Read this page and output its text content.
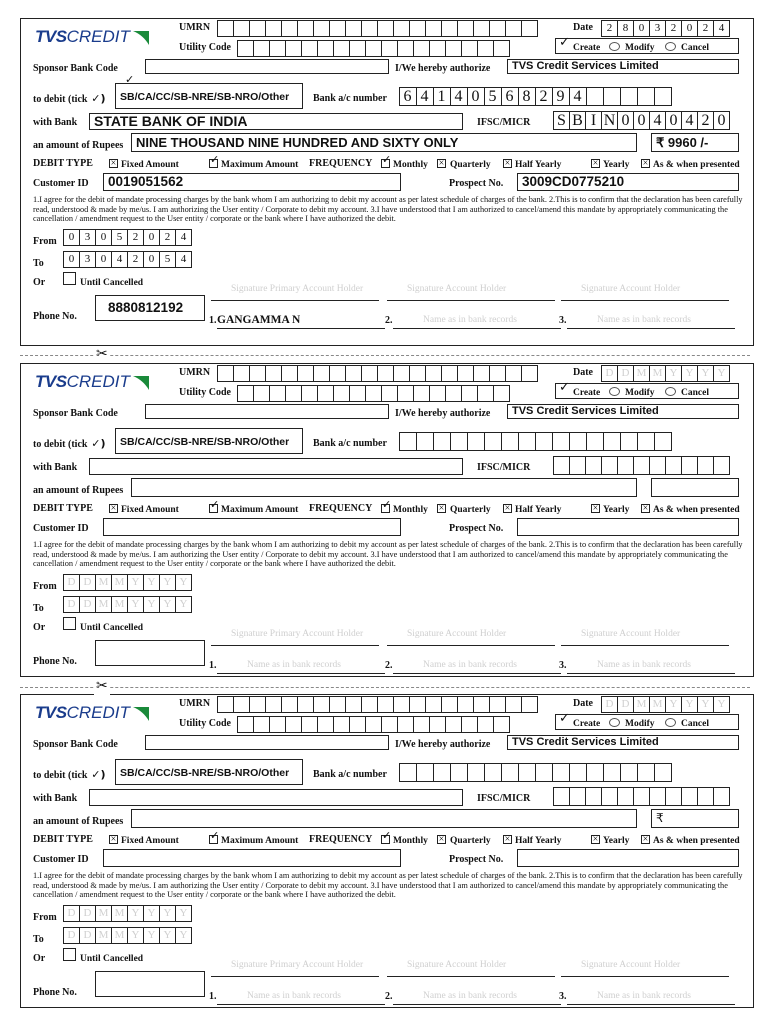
TVS CREDIT	UMRN	Date	2 8 0 3 2 0 2 4
Utility Code	✓ Create	Modify	Cancel
Sponsor Bank Code	I/We hereby authorize TVS Credit Services Limited
to debit (tick ✓) SB/CA/CC/SB-NRE/SB-NRO/Other
✓
Bank a/c number 6 4 1 4 0 5 6 8 2 9 4
with Bank STATE BANK OF INDIA	IFSC/MICR S B I N 0 0 4 0 4 2 0
an amount of Rupees NINE THOUSAND NINE HUNDRED AND SIXTY ONLY	₹ 9960 /-
DEBIT TYPE × Fixed Amount	✓ Maximum Amount FREQUENCY ✓ Monthly × Quarterly × Half Yearly	× Yearly × As & when presented
Customer ID 0019051562	Prospect No. 3009CD0775210
1.I agree for the debit of mandate processing charges by the bank whom I am authorizing to debit my account as per latest schedule of charges of the bank. 2.This is to confirm that the declaration has been carefully read, understood & made by me/us. I am authorizing the User entity / Corporate to debit my account. 3.I have understood that I am authorized to cancel/amend this mandate by appropriately communicating the cancellation / amendment request to the User entity / corporate or the bank where I have authorized the debit.
From	0 3 0 5 2 0 2 4
To	0 3 0 4 2 0 5 4
Or	Until Cancelled
Phone No.
8880812192
Signature Primary Account Holder
1. GANGAMMA N
Signature Account Holder
2.	Name as in bank records
Signature Account Holder
3.	Name as in bank records
TVS CREDIT	UMRN	Date	D D M M Y Y Y Y
Utility Code	✓ Create	Modify	Cancel
Sponsor Bank Code	I/We hereby authorize TVS Credit Services Limited
to debit (tick ✓) SB/CA/CC/SB-NRE/SB-NRO/Other Bank a/c number
with Bank	IFSC/MICR
an amount of Rupees
DEBIT TYPE × Fixed Amount	✓ Maximum Amount FREQUENCY ✓ Monthly × Quarterly × Half Yearly	× Yearly × As & when presented
Customer ID	Prospect No.
1.I agree for the debit of mandate processing charges by the bank whom I am authorizing to debit my account as per latest schedule of charges of the bank. 2.This is to confirm that the declaration has been carefully read, understood & made by me/us. I am authorizing the User entity / Corporate to debit my account. 3.I have understood that I am authorized to cancel/amend this mandate by appropriately communicating the cancellation / amendment request to the User entity / corporate or the bank where I have authorized the debit.
From D D M M Y Y Y Y
To	D D M M Y Y Y Y
Or	Until Cancelled
Phone No.
Signature Primary Account Holder
1.	Name as in bank records
Signature Account Holder
2.	Name as in bank records
Signature Account Holder
3.	Name as in bank records
TVS CREDIT	UMRN	Date	D D M M Y Y Y Y
Utility Code	✓ Create	Modify	Cancel
Sponsor Bank Code	I/We hereby authorize TVS Credit Services Limited
to debit (tick ✓) SB/CA/CC/SB-NRE/SB-NRO/Other Bank a/c number
with Bank	IFSC/MICR
an amount of Rupees	₹
DEBIT TYPE × Fixed Amount	✓ Maximum Amount FREQUENCY ✓ Monthly × Quarterly × Half Yearly	× Yearly × As & when presented
Customer ID	Prospect No.
1.I agree for the debit of mandate processing charges by the bank whom I am authorizing to debit my account as per latest schedule of charges of the bank. 2.This is to confirm that the declaration has been carefully read, understood & made by me/us. I am authorizing the User entity / Corporate to debit my account. 3.I have understood that I am authorized to cancel/amend this mandate by appropriately communicating the cancellation / amendment request to the User entity / corporate or the bank where I have authorized the debit.
From D D M M Y Y Y Y
To	D D M M Y Y Y Y
Or	Until Cancelled
Phone No.
Signature Primary Account Holder
1.	Name as in bank records
Signature Account Holder
2.	Name as in bank records
Signature Account Holder
3.	Name as in bank records
✂
✂
